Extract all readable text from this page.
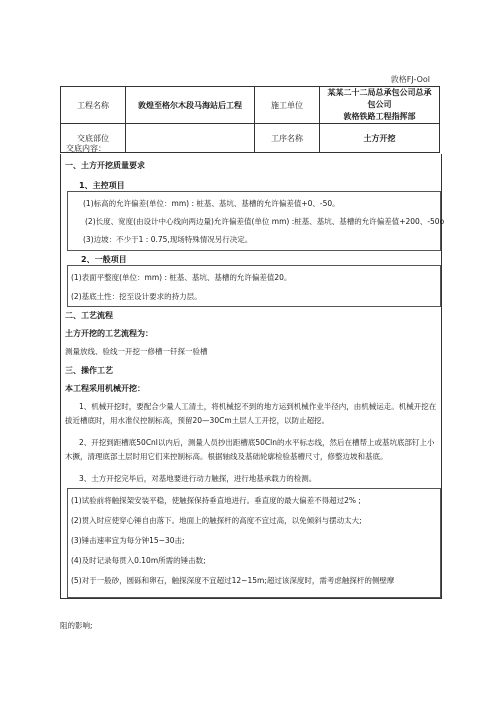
敦格FJ-Ool
工程名称	敦煌至格尔木段马海站后工程	施工单位	某某二十二局总承包公司总承包公司
敦格铁路工程指挥部

交底部位		工序名称	土方开挖
交底内容：
一、土方开挖质量要求
1、主控项目
(1)标高的允许偏差(单位：mm) : 桩基、基坑、基槽的允许偏差值+0、-50。
(2)长度、宽度(由设计中心线向两边量)允许偏差值(单位 mm) :桩基、基坑、基槽的允许偏差值+200、-50o
(3)边坡：不少于1 : 0.75,现场特殊情况另行决定。
2、一般项目
(1)表面平整度(单位：mm) : 桩基、基坑、基槽的允许偏差值20。
(2)基底土性：挖至设计要求的持力层。
二、工艺流程
土方开挖的工艺流程为：
测量放线、验线一开挖一修槽一钎探一验槽
三、操作工艺
本工程采用机械开挖：
1、机械开挖时，要配合少量人工清土，将机械挖不到的地方运到机械作业半径内，由机械运走。机械开挖在拔近槽底时，用水准仪控制标高，预留20—30Cm土层人工开挖，以防止超挖。
2、开挖到距槽底50Cnl以内后，测量人员抄出距槽底50Cln的水平标志线，然后在槽帮上或基坑底部钉上小木撅，清理底部土层时用它们来控制标高。根据轴线及基础轮廓检验基槽尺寸，修整边坡和基底。
3、土方开挖完毕后，对基地要进行动力触探，进行地基承载力的检测。
(1)试验前将触探架安装平稳，使触探保持垂直地进行。垂直度的最大偏差不得超过2% ;
(2)贯入时应使穿心锤自由落下。地面上的触探杆的高度不宜过高，以免倾斜与摆动太大;
(3)锤击速率宜为每分钟15~30击;
(4)及时记录每贯入0.10m所需的锤击数;
(5)对于一般砂，圆砾和卵石，触探深度不宜超过12~15m;超过该深度时，需考虑触探杆的侧壁摩
阻的影响;
